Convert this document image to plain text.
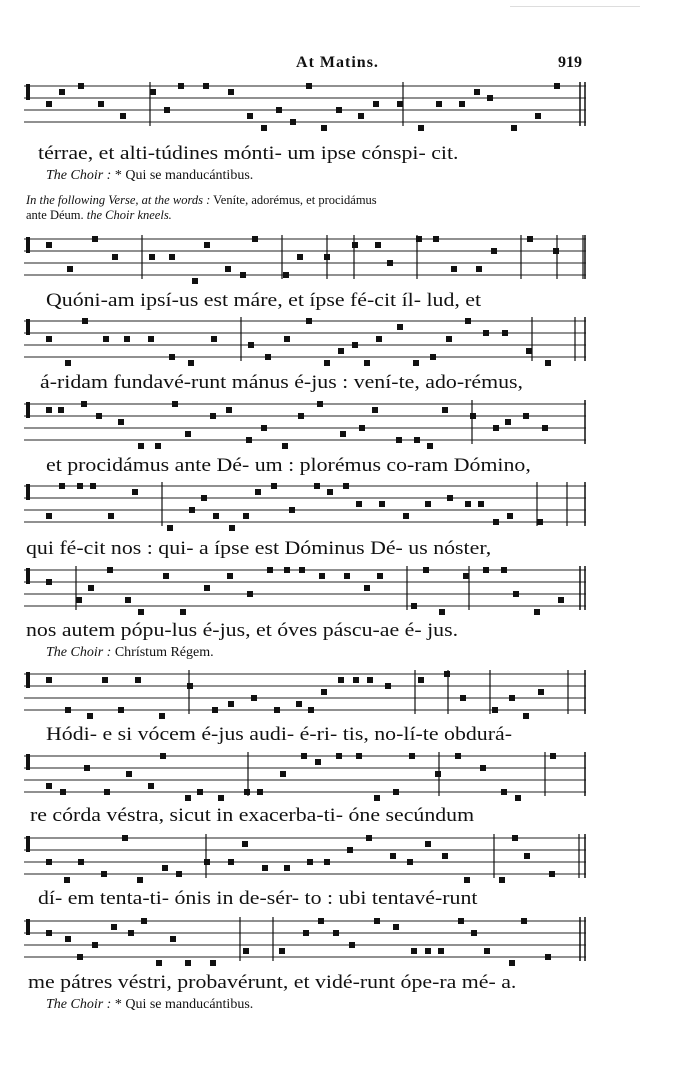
At Matins.	919
térrae, et alti-túdines mónti- um ipse cónspi- cit.
The Choir : * Qui se manducántibus.
In the following Verse, at the words : Veníte, adorémus, et procidámus
ante Déum. the Choir kneels.
Quóni-am ipsí-us est máre, et ípse fé-cit íl- lud, et
á-ridam fundavé-runt mánus é-jus : vení-te, ado-rémus,
et procidámus ante Dé- um : plorémus co-ram Dómino,
qui fé-cit nos : qui- a ípse est Dóminus Dé- us nóster,
nos autem pópu-lus é-jus, et óves páscu-ae é- jus.
The Choir : Chrístum Régem.
Hódi- e si vócem é-jus audi- é-ri- tis, no-lí-te obdurá-
re córda véstra, sicut in exacerba-ti- óne secúndum
dí- em tenta-ti- ónis in de-sér- to : ubi tentavé-runt
me pátres véstri, probavérunt, et vidé-runt ópe-ra mé- a.
The Choir : * Qui se manducántibus.
